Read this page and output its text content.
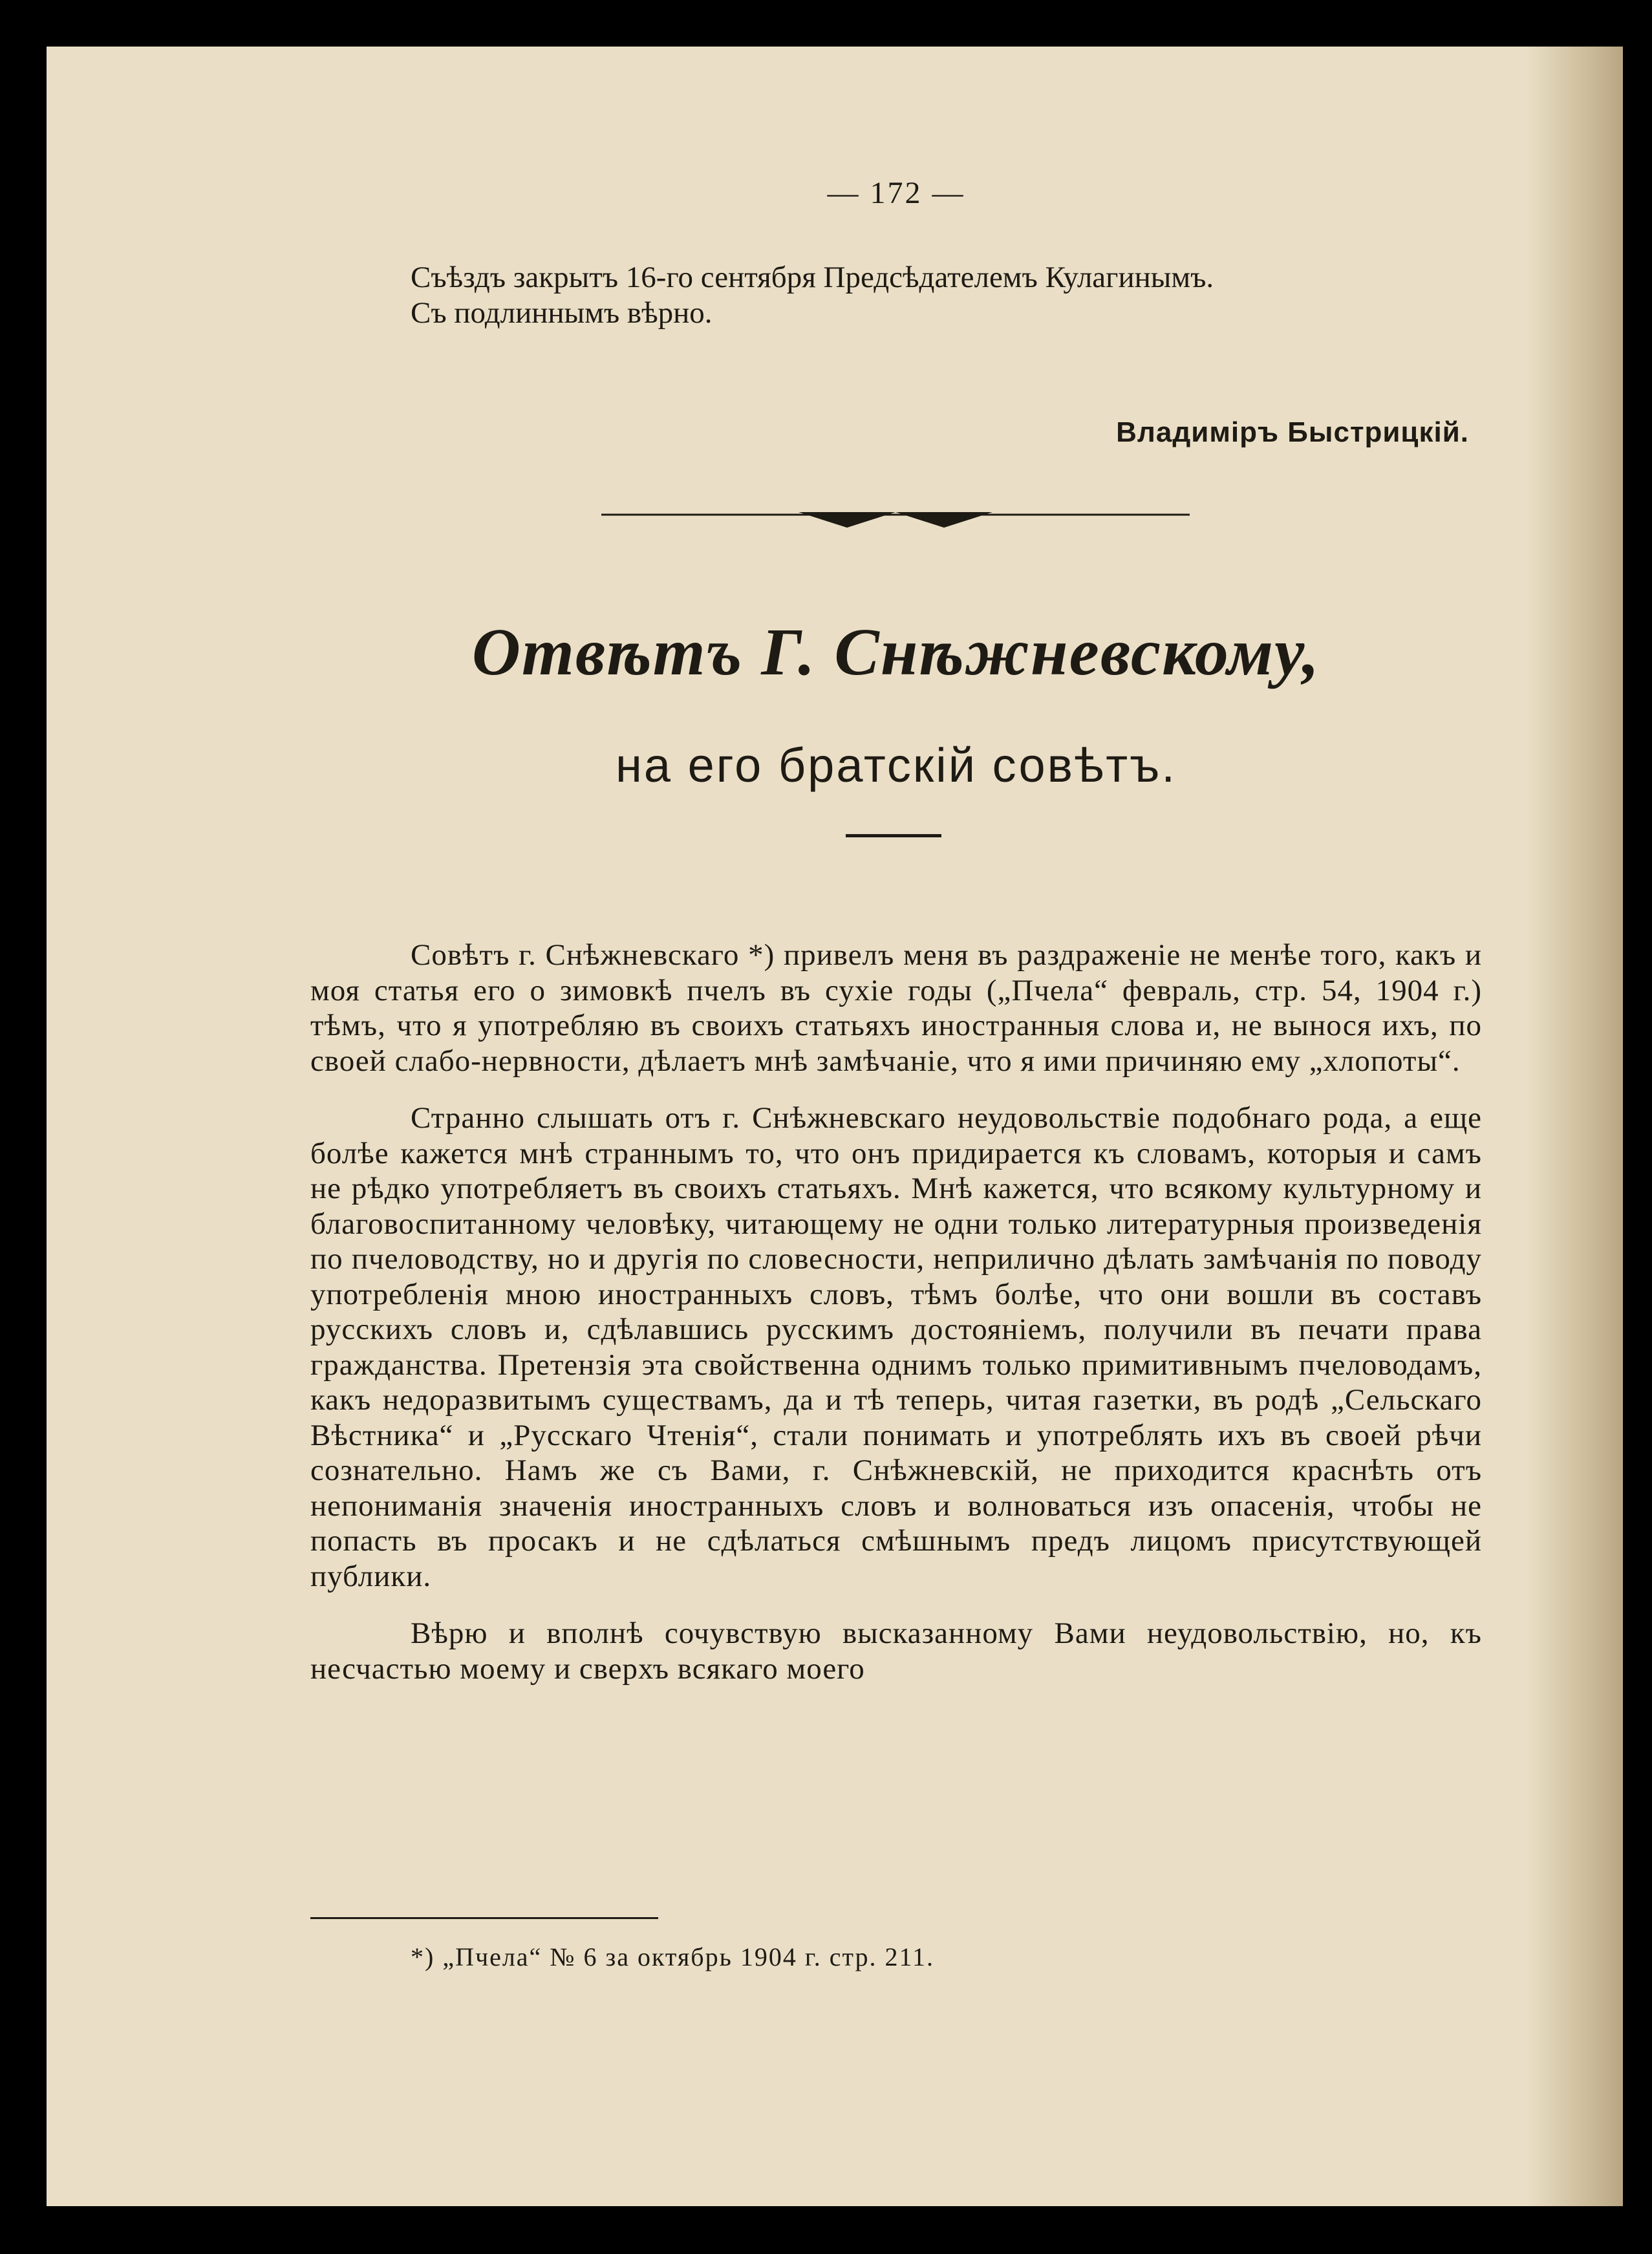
— 172 —

Съѣздъ закрытъ 16-го сентября Предсѣдателемъ Кулагинымъ.

Съ подлиннымъ вѣрно.

Владиміръ Быстрицкій.
Отвѣтъ Г. Снѣжневскому,
на его братскій совѣтъ.

Совѣтъ г. Снѣжневскаго *) привелъ меня въ раздраженіе не менѣе того, какъ и моя статья его о зимовкѣ пчелъ въ сухіе годы („Пчела“ февраль, стр. 54, 1904 г.) тѣмъ, что я употребляю въ своихъ статьяхъ иностранныя слова и, не вынося ихъ, по своей слабо-нервности, дѣлаетъ мнѣ замѣчаніе, что я ими причиняю ему „хлопоты“.

Странно слышать отъ г. Снѣжневскаго неудовольствіе подобнаго рода, а еще болѣе кажется мнѣ страннымъ то, что онъ придирается къ словамъ, которыя и самъ не рѣдко употребляетъ въ своихъ статьяхъ. Мнѣ кажется, что всякому культурному и благовоспитанному человѣку, читающему не одни только литературныя произведенія по пчеловодству, но и другія по словесности, неприлично дѣлать замѣчанія по поводу употребленія мною иностранныхъ словъ, тѣмъ болѣе, что они вошли въ составъ русскихъ словъ и, сдѣлавшись русскимъ достояніемъ, получили въ печати права гражданства. Претензія эта свойственна однимъ только примитивнымъ пчеловодамъ, какъ недоразвитымъ существамъ, да и тѣ теперь, читая газетки, въ родѣ „Сельскаго Вѣстника“ и „Русскаго Чтенія“, стали понимать и употреблять ихъ въ своей рѣчи сознательно. Намъ же съ Вами, г. Снѣжневскій, не приходится краснѣть отъ непониманія значенія иностранныхъ словъ и волноваться изъ опасенія, чтобы не попасть въ просакъ и не сдѣлаться смѣшнымъ предъ лицомъ присутствующей публики.

Вѣрю и вполнѣ сочувствую высказанному Вами неудовольствію, но, къ несчастью моему и сверхъ всякаго моего

*) „Пчела“ № 6 за октябрь 1904 г. стр. 211.
